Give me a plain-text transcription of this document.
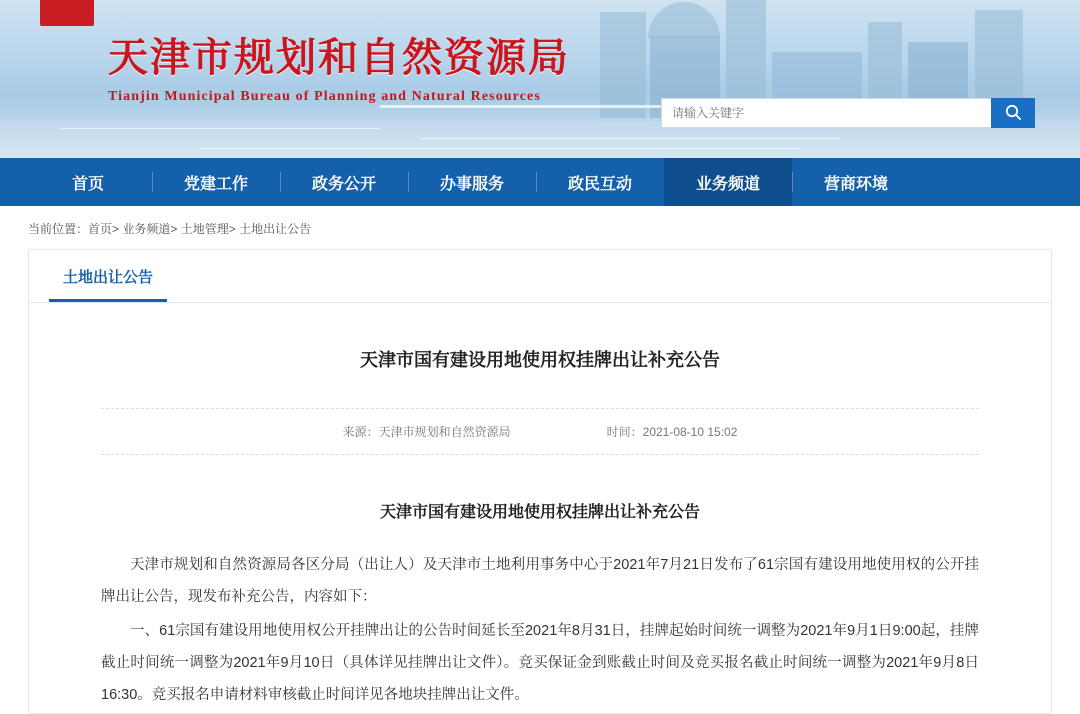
天津市规划和自然资源局
Tianjin Municipal Bureau of Planning and Natural Resources
请输入关键字
首页	党建工作	政务公开	办事服务	政民互动	业务频道	营商环境
当前位置：首页> 业务频道> 土地管理> 土地出让公告
土地出让公告
天津市国有建设用地使用权挂牌出让补充公告
来源：天津市规划和自然资源局	时间：2021-08-10 15:02
天津市国有建设用地使用权挂牌出让补充公告

天津市规划和自然资源局各区分局（出让人）及天津市土地利用事务中心于2021年7月21日发布了61宗国有建设用地使用权的公开挂牌出让公告，现发布补充公告，内容如下：

一、61宗国有建设用地使用权公开挂牌出让的公告时间延长至2021年8月31日，挂牌起始时间统一调整为2021年9月1日9:00起，挂牌截止时间统一调整为2021年9月10日（具体详见挂牌出让文件）。竞买保证金到账截止时间及竞买报名截止时间统一调整为2021年9月8日16:30。竞买报名申请材料审核截止时间详见各地块挂牌出让文件。
